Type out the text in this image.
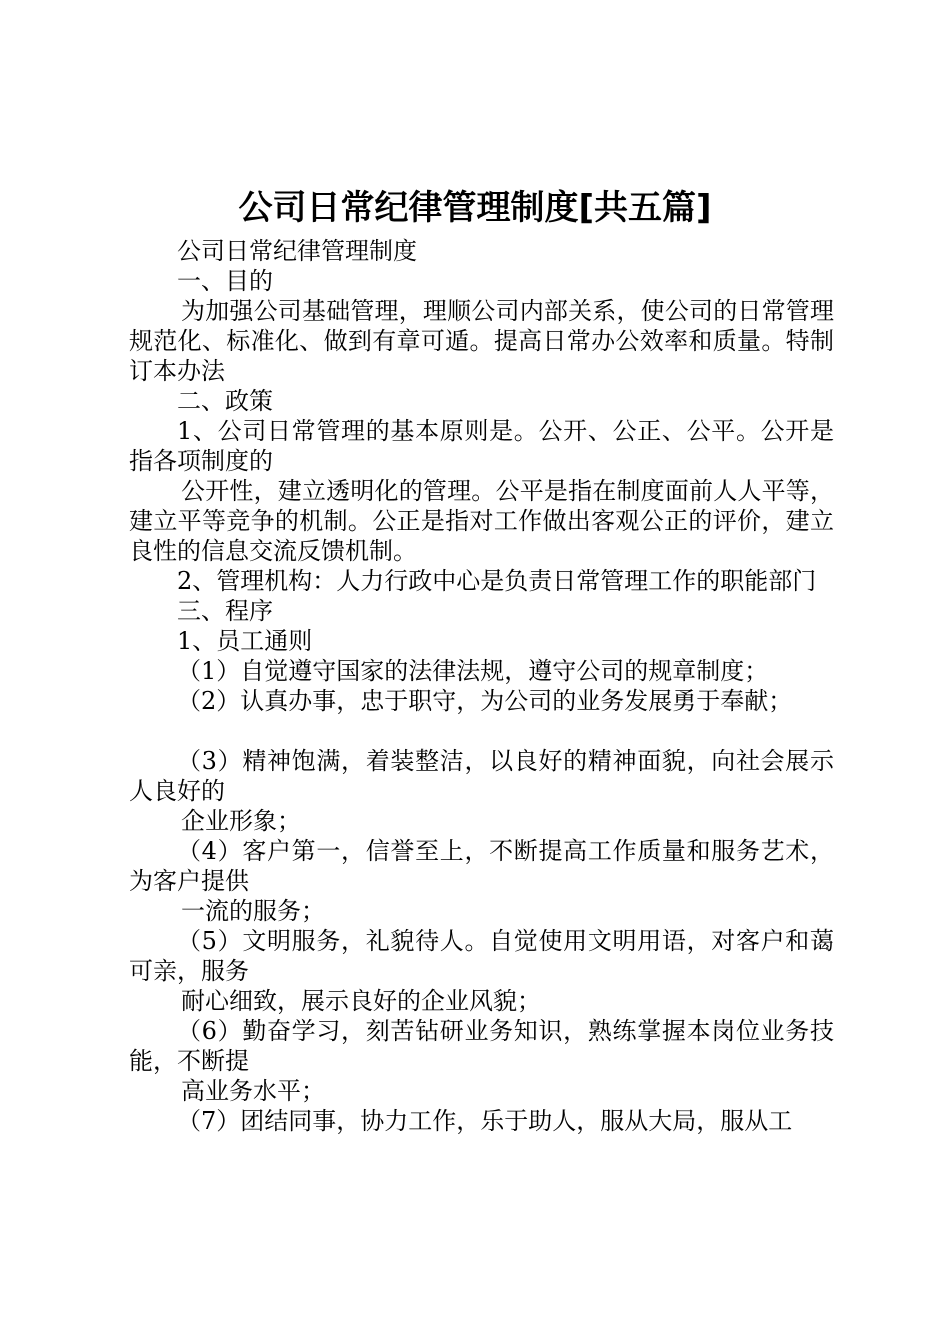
公司日常纪律管理制度[共五篇]

公司日常纪律管理制度

一、目的

为加强公司基础管理，理顺公司内部关系，使公司的日常管理规范化、标准化、做到有章可遁。提高日常办公效率和质量。特制订本办法

二、政策

1、公司日常管理的基本原则是。公开、公正、公平。公开是指各项制度的

公开性，建立透明化的管理。公平是指在制度面前人人平等，建立平等竞争的机制。公正是指对工作做出客观公正的评价，建立良性的信息交流反馈机制。

2、管理机构：人力行政中心是负责日常管理工作的职能部门

三、程序

1、员工通则

（1）自觉遵守国家的法律法规，遵守公司的规章制度；

（2）认真办事，忠于职守，为公司的业务发展勇于奉献；

（3）精神饱满，着装整洁，以良好的精神面貌，向社会展示人良好的

企业形象；

（4）客户第一，信誉至上，不断提高工作质量和服务艺术，为客户提供

一流的服务；

（5）文明服务，礼貌待人。自觉使用文明用语，对客户和蔼可亲，服务

耐心细致，展示良好的企业风貌；

（6）勤奋学习，刻苦钻研业务知识，熟练掌握本岗位业务技能，不断提

高业务水平；

（7）团结同事，协力工作，乐于助人，服从大局，服从工
